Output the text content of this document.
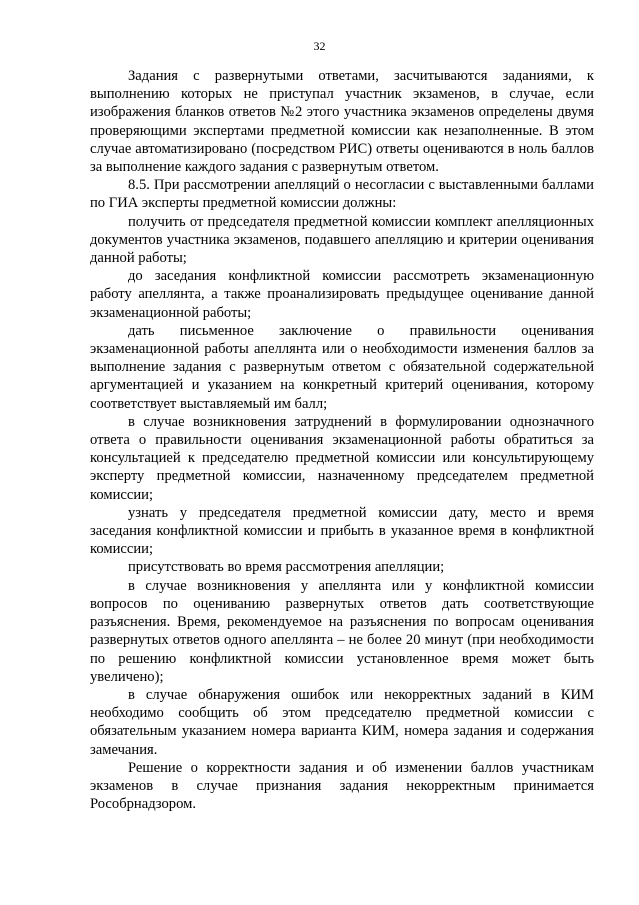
32

Задания с развернутыми ответами, засчитываются заданиями, к выполнению которых не приступал участник экзаменов, в случае, если изображения бланков ответов №2 этого участника экзаменов определены двумя проверяющими экспертами предметной комиссии как незаполненные. В этом случае автоматизировано (посредством РИС) ответы оцениваются в ноль баллов за выполнение каждого задания с развернутым ответом.

8.5. При рассмотрении апелляций о несогласии с выставленными баллами по ГИА эксперты предметной комиссии должны:

получить от председателя предметной комиссии комплект апелляционных документов участника экзаменов, подавшего апелляцию и критерии оценивания данной работы;

до заседания конфликтной комиссии рассмотреть экзаменационную работу апеллянта, а также проанализировать предыдущее оценивание данной экзаменационной работы;

дать письменное заключение о правильности оценивания экзаменационной работы апеллянта или о необходимости изменения баллов за выполнение задания с развернутым ответом с обязательной содержательной аргументацией и указанием на конкретный критерий оценивания, которому соответствует выставляемый им балл;

в случае возникновения затруднений в формулировании однозначного ответа о правильности оценивания экзаменационной работы обратиться за консультацией к председателю предметной комиссии или консультирующему эксперту предметной комиссии, назначенному председателем предметной комиссии;

узнать у председателя предметной комиссии дату, место и время заседания конфликтной комиссии и прибыть в указанное время в конфликтной комиссии;

присутствовать во время рассмотрения апелляции;

в случае возникновения у апеллянта или у конфликтной комиссии вопросов по оцениванию развернутых ответов дать соответствующие разъяснения. Время, рекомендуемое на разъяснения по вопросам оценивания развернутых ответов одного апеллянта – не более 20 минут (при необходимости по решению конфликтной комиссии установленное время может быть увеличено);

в случае обнаружения ошибок или некорректных заданий в КИМ необходимо сообщить об этом председателю предметной комиссии с обязательным указанием номера варианта КИМ, номера задания и содержания замечания.

Решение о корректности задания и об изменении баллов участникам экзаменов в случае признания задания некорректным принимается Рособрнадзором.
